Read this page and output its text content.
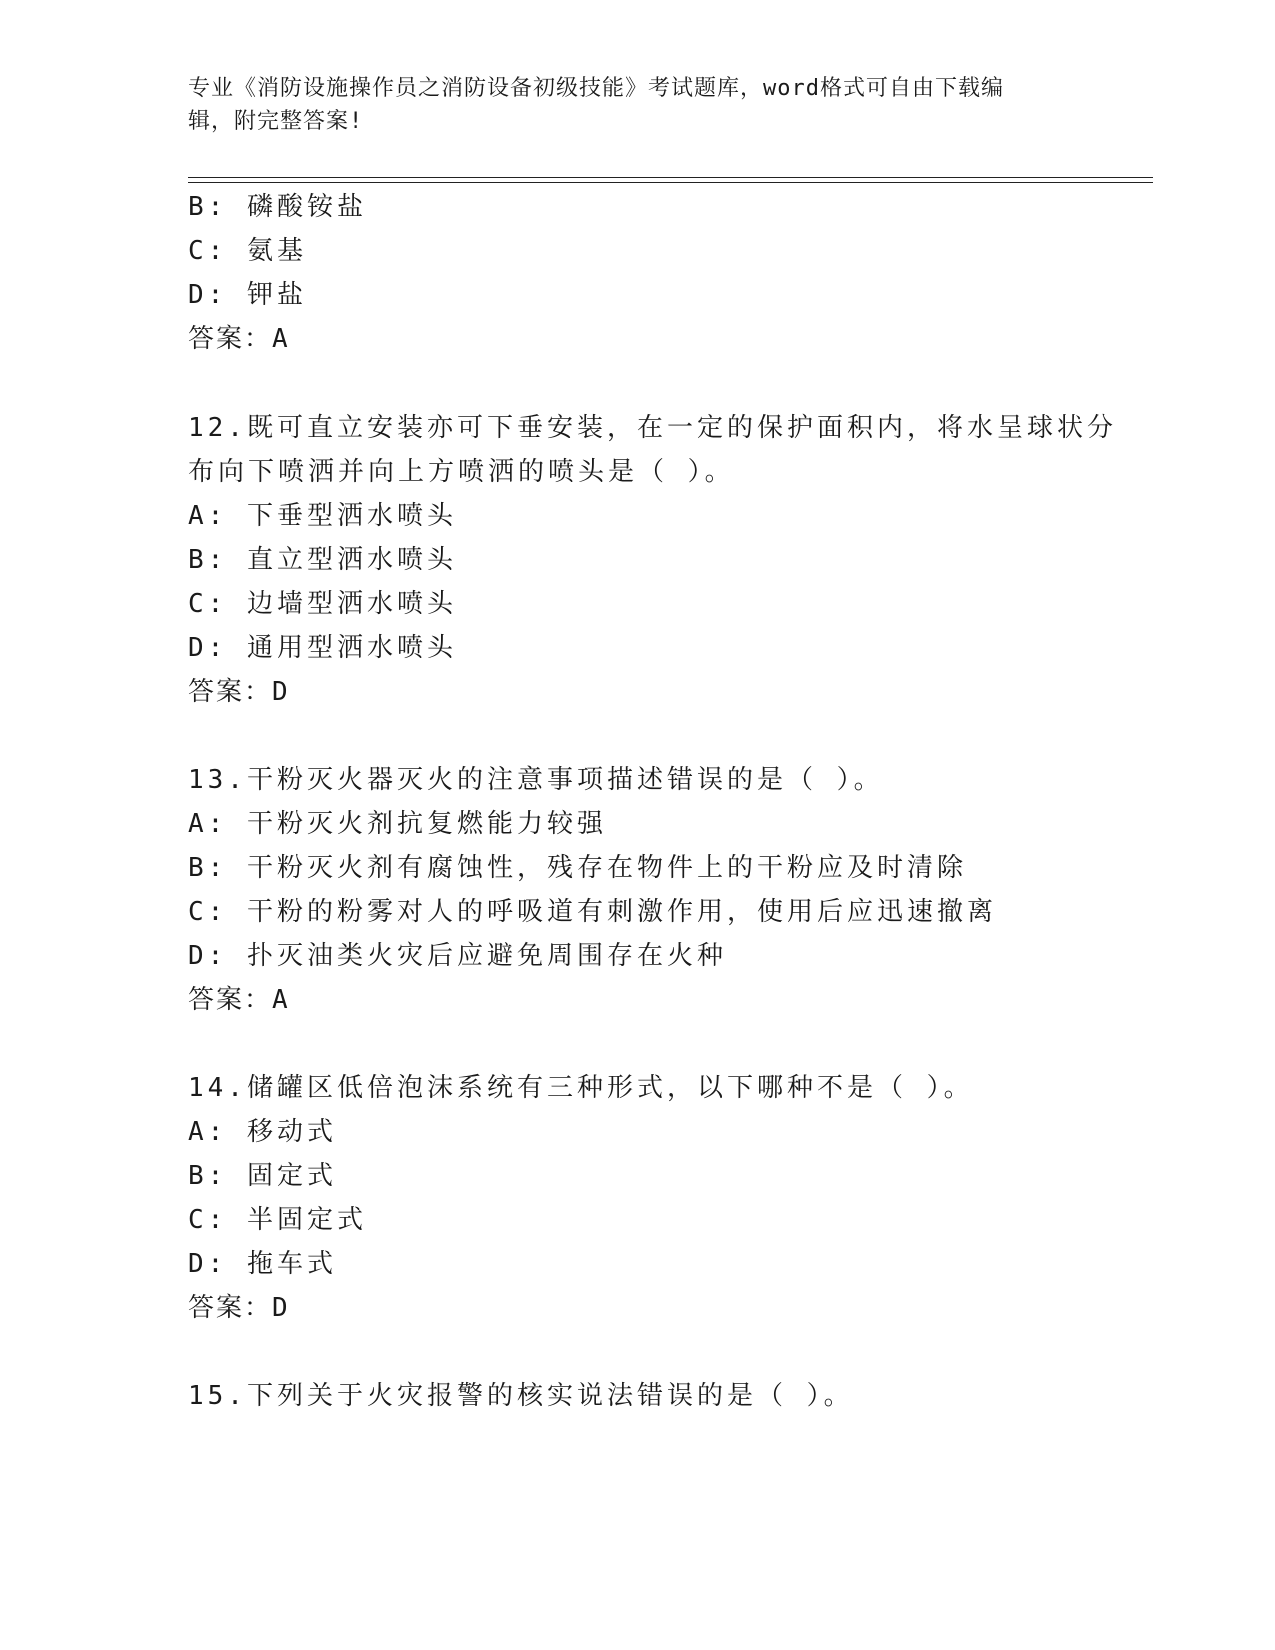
专业《消防设施操作员之消防设备初级技能》考试题库，word格式可自由下载编
辑，附完整答案!
B: 磷酸铵盐
C: 氨基
D: 钾盐
答案：A
12.既可直立安装亦可下垂安装，在一定的保护面积内，将水呈球状分
布向下喷洒并向上方喷洒的喷头是（ ）。
A: 下垂型洒水喷头
B: 直立型洒水喷头
C: 边墙型洒水喷头
D: 通用型洒水喷头
答案：D
13.干粉灭火器灭火的注意事项描述错误的是（ ）。
A: 干粉灭火剂抗复燃能力较强
B: 干粉灭火剂有腐蚀性，残存在物件上的干粉应及时清除
C: 干粉的粉雾对人的呼吸道有刺激作用，使用后应迅速撤离
D: 扑灭油类火灾后应避免周围存在火种
答案：A
14.储罐区低倍泡沫系统有三种形式，以下哪种不是（ ）。
A: 移动式
B: 固定式
C: 半固定式
D: 拖车式
答案：D
15.下列关于火灾报警的核实说法错误的是（ ）。
